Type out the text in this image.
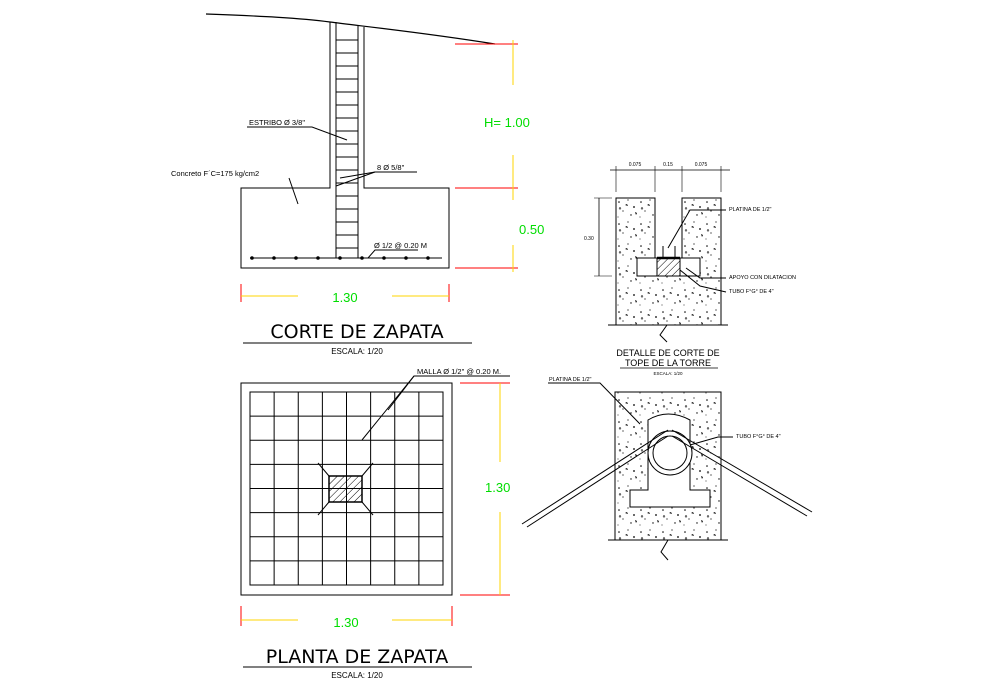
ESTRIBO Ø 3/8"
Concreto F´C=175 kg/cm2
8 Ø 5/8"
Ø 1/2 @ 0.20 M
H= 1.00
0.50
1.30
CORTE DE ZAPATA
ESCALA: 1/20
MALLA Ø 1/2" @ 0.20 M.
1.30
1.30
PLANTA DE ZAPATA
ESCALA: 1/20
0.075	0.15	0.075
0.30
PLATINA DE 1/2"
APOYO CON DILATACION
TUBO F°G° DE 4"
DETALLE DE CORTE DE
TOPE DE LA TORRE
ESCALA: 1/20
PLATINA DE 1/2"
TUBO F°G° DE 4"
